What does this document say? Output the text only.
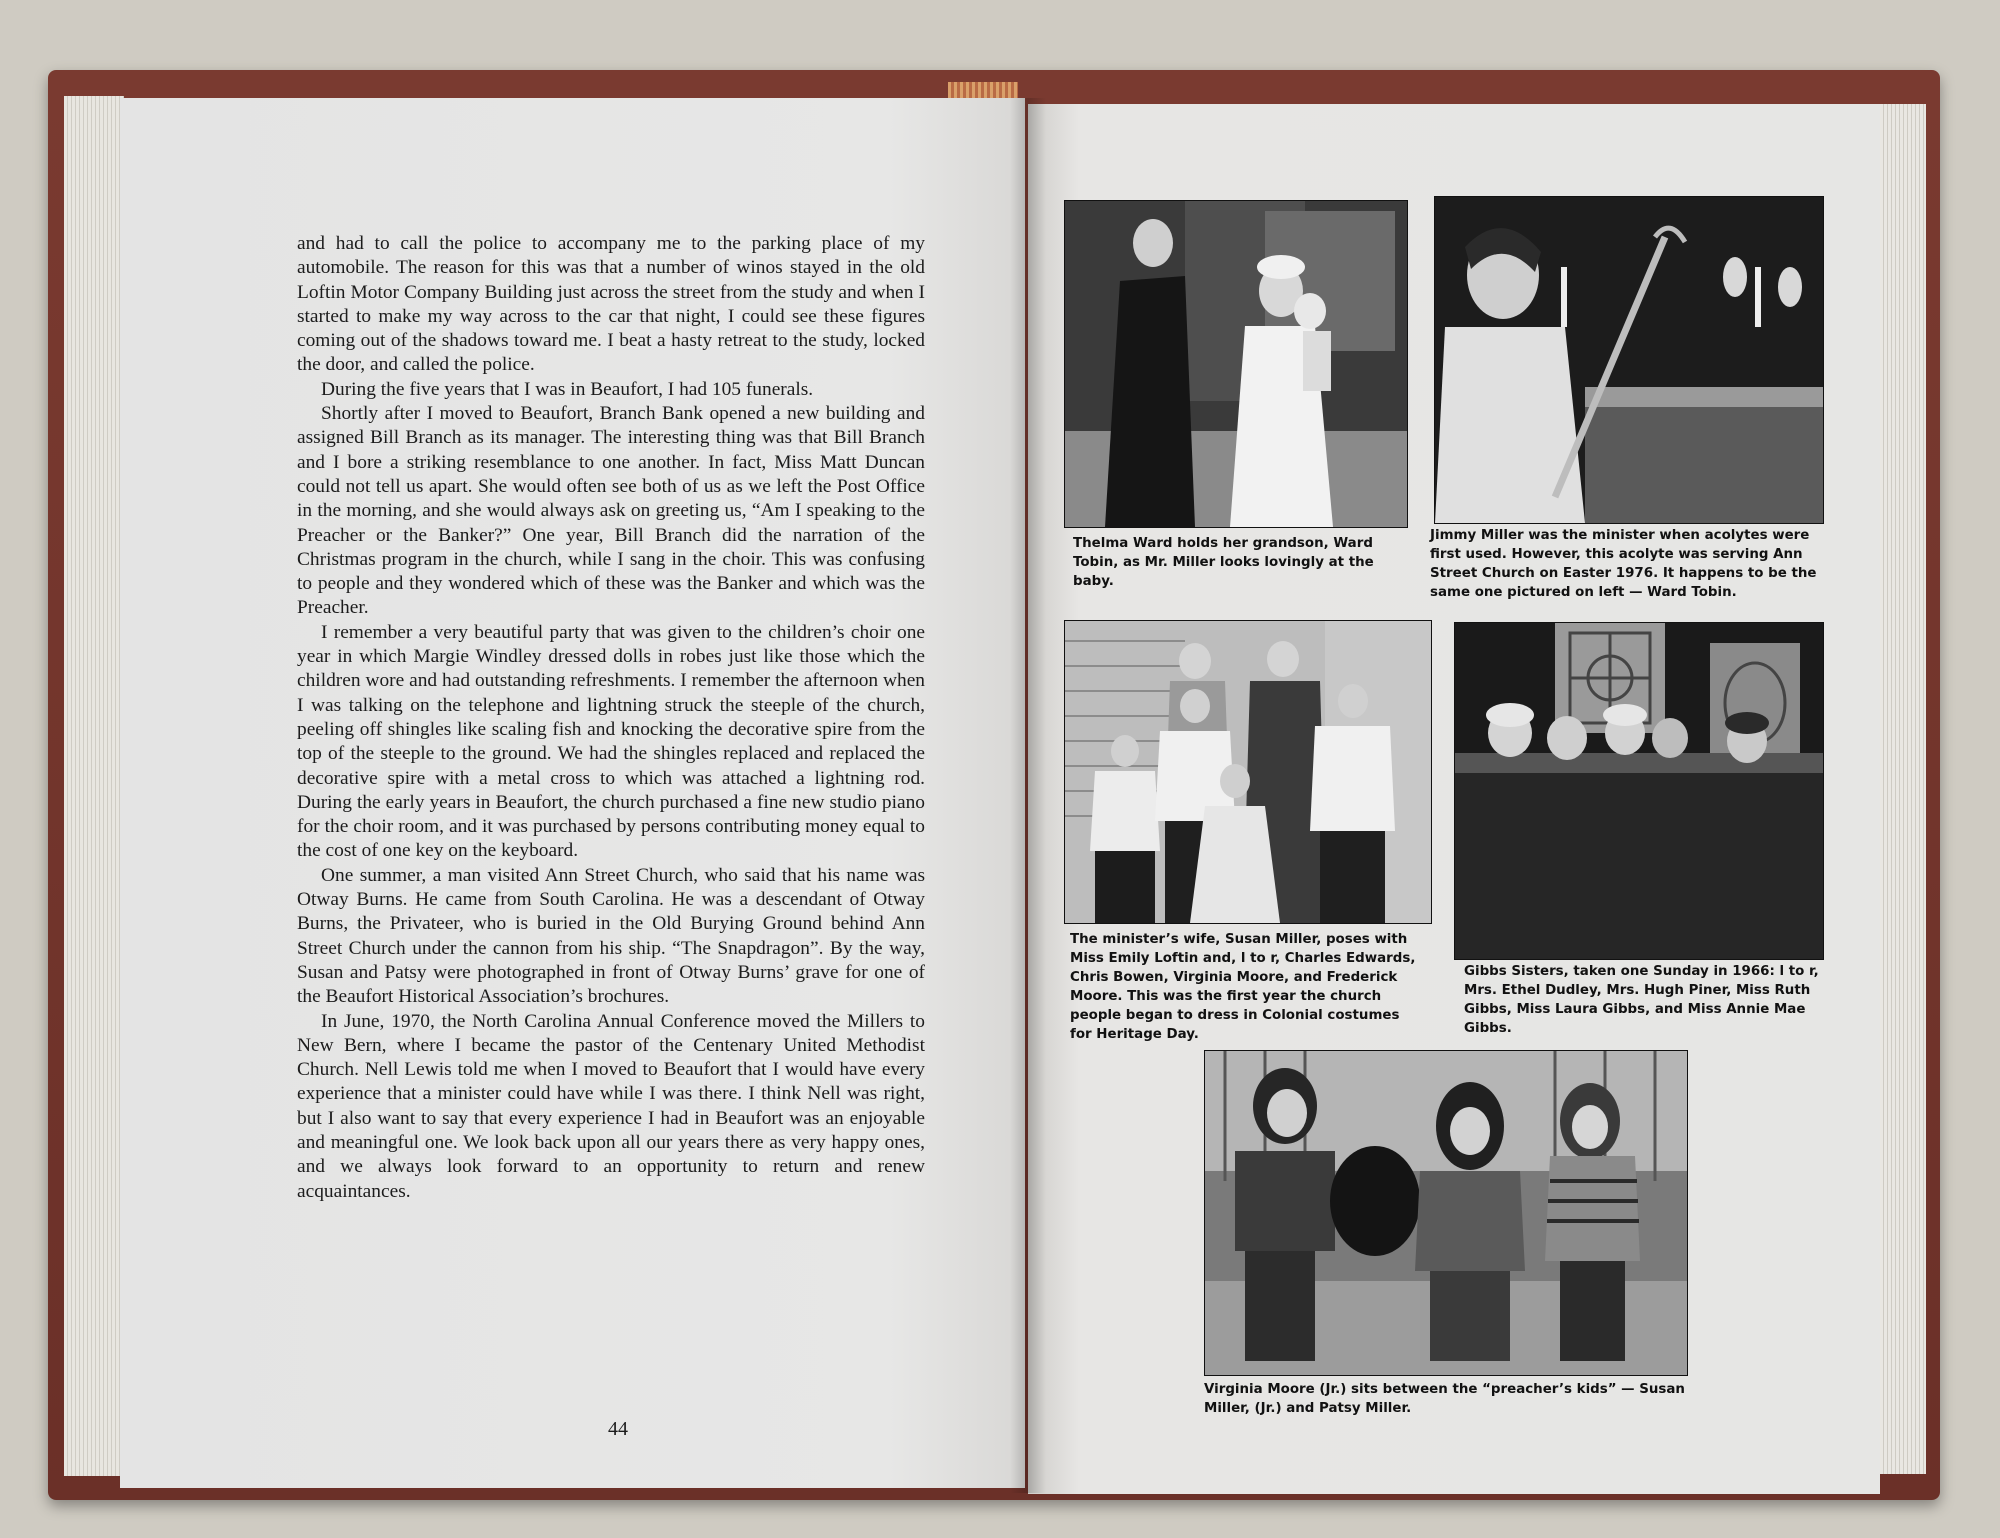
and had to call the police to accompany me to the parking place of my automobile. The reason for this was that a number of winos stayed in the old Loftin Motor Company Building just across the street from the study and when I started to make my way across to the car that night, I could see these figures coming out of the shadows toward me. I beat a hasty retreat to the study, locked the door, and called the police.

During the five years that I was in Beaufort, I had 105 funerals.

Shortly after I moved to Beaufort, Branch Bank opened a new building and assigned Bill Branch as its manager. The interesting thing was that Bill Branch and I bore a striking resemblance to one another. In fact, Miss Matt Duncan could not tell us apart. She would often see both of us as we left the Post Office in the morning, and she would always ask on greeting us, “Am I speaking to the Preacher or the Banker?” One year, Bill Branch did the narration of the Christmas program in the church, while I sang in the choir. This was confusing to people and they wondered which of these was the Banker and which was the Preacher.

I remember a very beautiful party that was given to the children’s choir one year in which Margie Windley dressed dolls in robes just like those which the children wore and had outstanding refreshments. I remember the afternoon when I was talking on the telephone and lightning struck the steeple of the church, peeling off shingles like scaling fish and knocking the decorative spire from the top of the steeple to the ground. We had the shingles replaced and replaced the decorative spire with a metal cross to which was attached a lightning rod. During the early years in Beaufort, the church purchased a fine new studio piano for the choir room, and it was purchased by persons contributing money equal to the cost of one key on the keyboard.

One summer, a man visited Ann Street Church, who said that his name was Otway Burns. He came from South Carolina. He was a descendant of Otway Burns, the Privateer, who is buried in the Old Burying Ground behind Ann Street Church under the cannon from his ship. “The Snapdragon”. By the way, Susan and Patsy were photographed in front of Otway Burns’ grave for one of the Beaufort Historical Association’s brochures.

In June, 1970, the North Carolina Annual Conference moved the Millers to New Bern, where I became the pastor of the Centenary United Methodist Church. Nell Lewis told me when I moved to Beaufort that I would have every experience that a minister could have while I was there. I think Nell was right, but I also want to say that every experience I had in Beaufort was an enjoyable and meaningful one. We look back upon all our years there as very happy ones, and we always look forward to an opportunity to return and renew acquaintances.

44
Thelma Ward holds her grandson, Ward Tobin, as Mr. Miller looks lovingly at the baby.
Jimmy Miller was the minister when acolytes were first used. However, this acolyte was serving Ann Street Church on Easter 1976. It happens to be the same one pictured on left — Ward Tobin.
The minister’s wife, Susan Miller, poses with Miss Emily Loftin and, l to r, Charles Edwards, Chris Bowen, Virginia Moore, and Frederick Moore. This was the first year the church people began to dress in Colonial costumes for Heritage Day.
Gibbs Sisters, taken one Sunday in 1966: l to r, Mrs. Ethel Dudley, Mrs. Hugh Piner, Miss Ruth Gibbs, Miss Laura Gibbs, and Miss Annie Mae Gibbs.
Virginia Moore (Jr.) sits between the “preacher’s kids” — Susan Miller, (Jr.) and Patsy Miller.
